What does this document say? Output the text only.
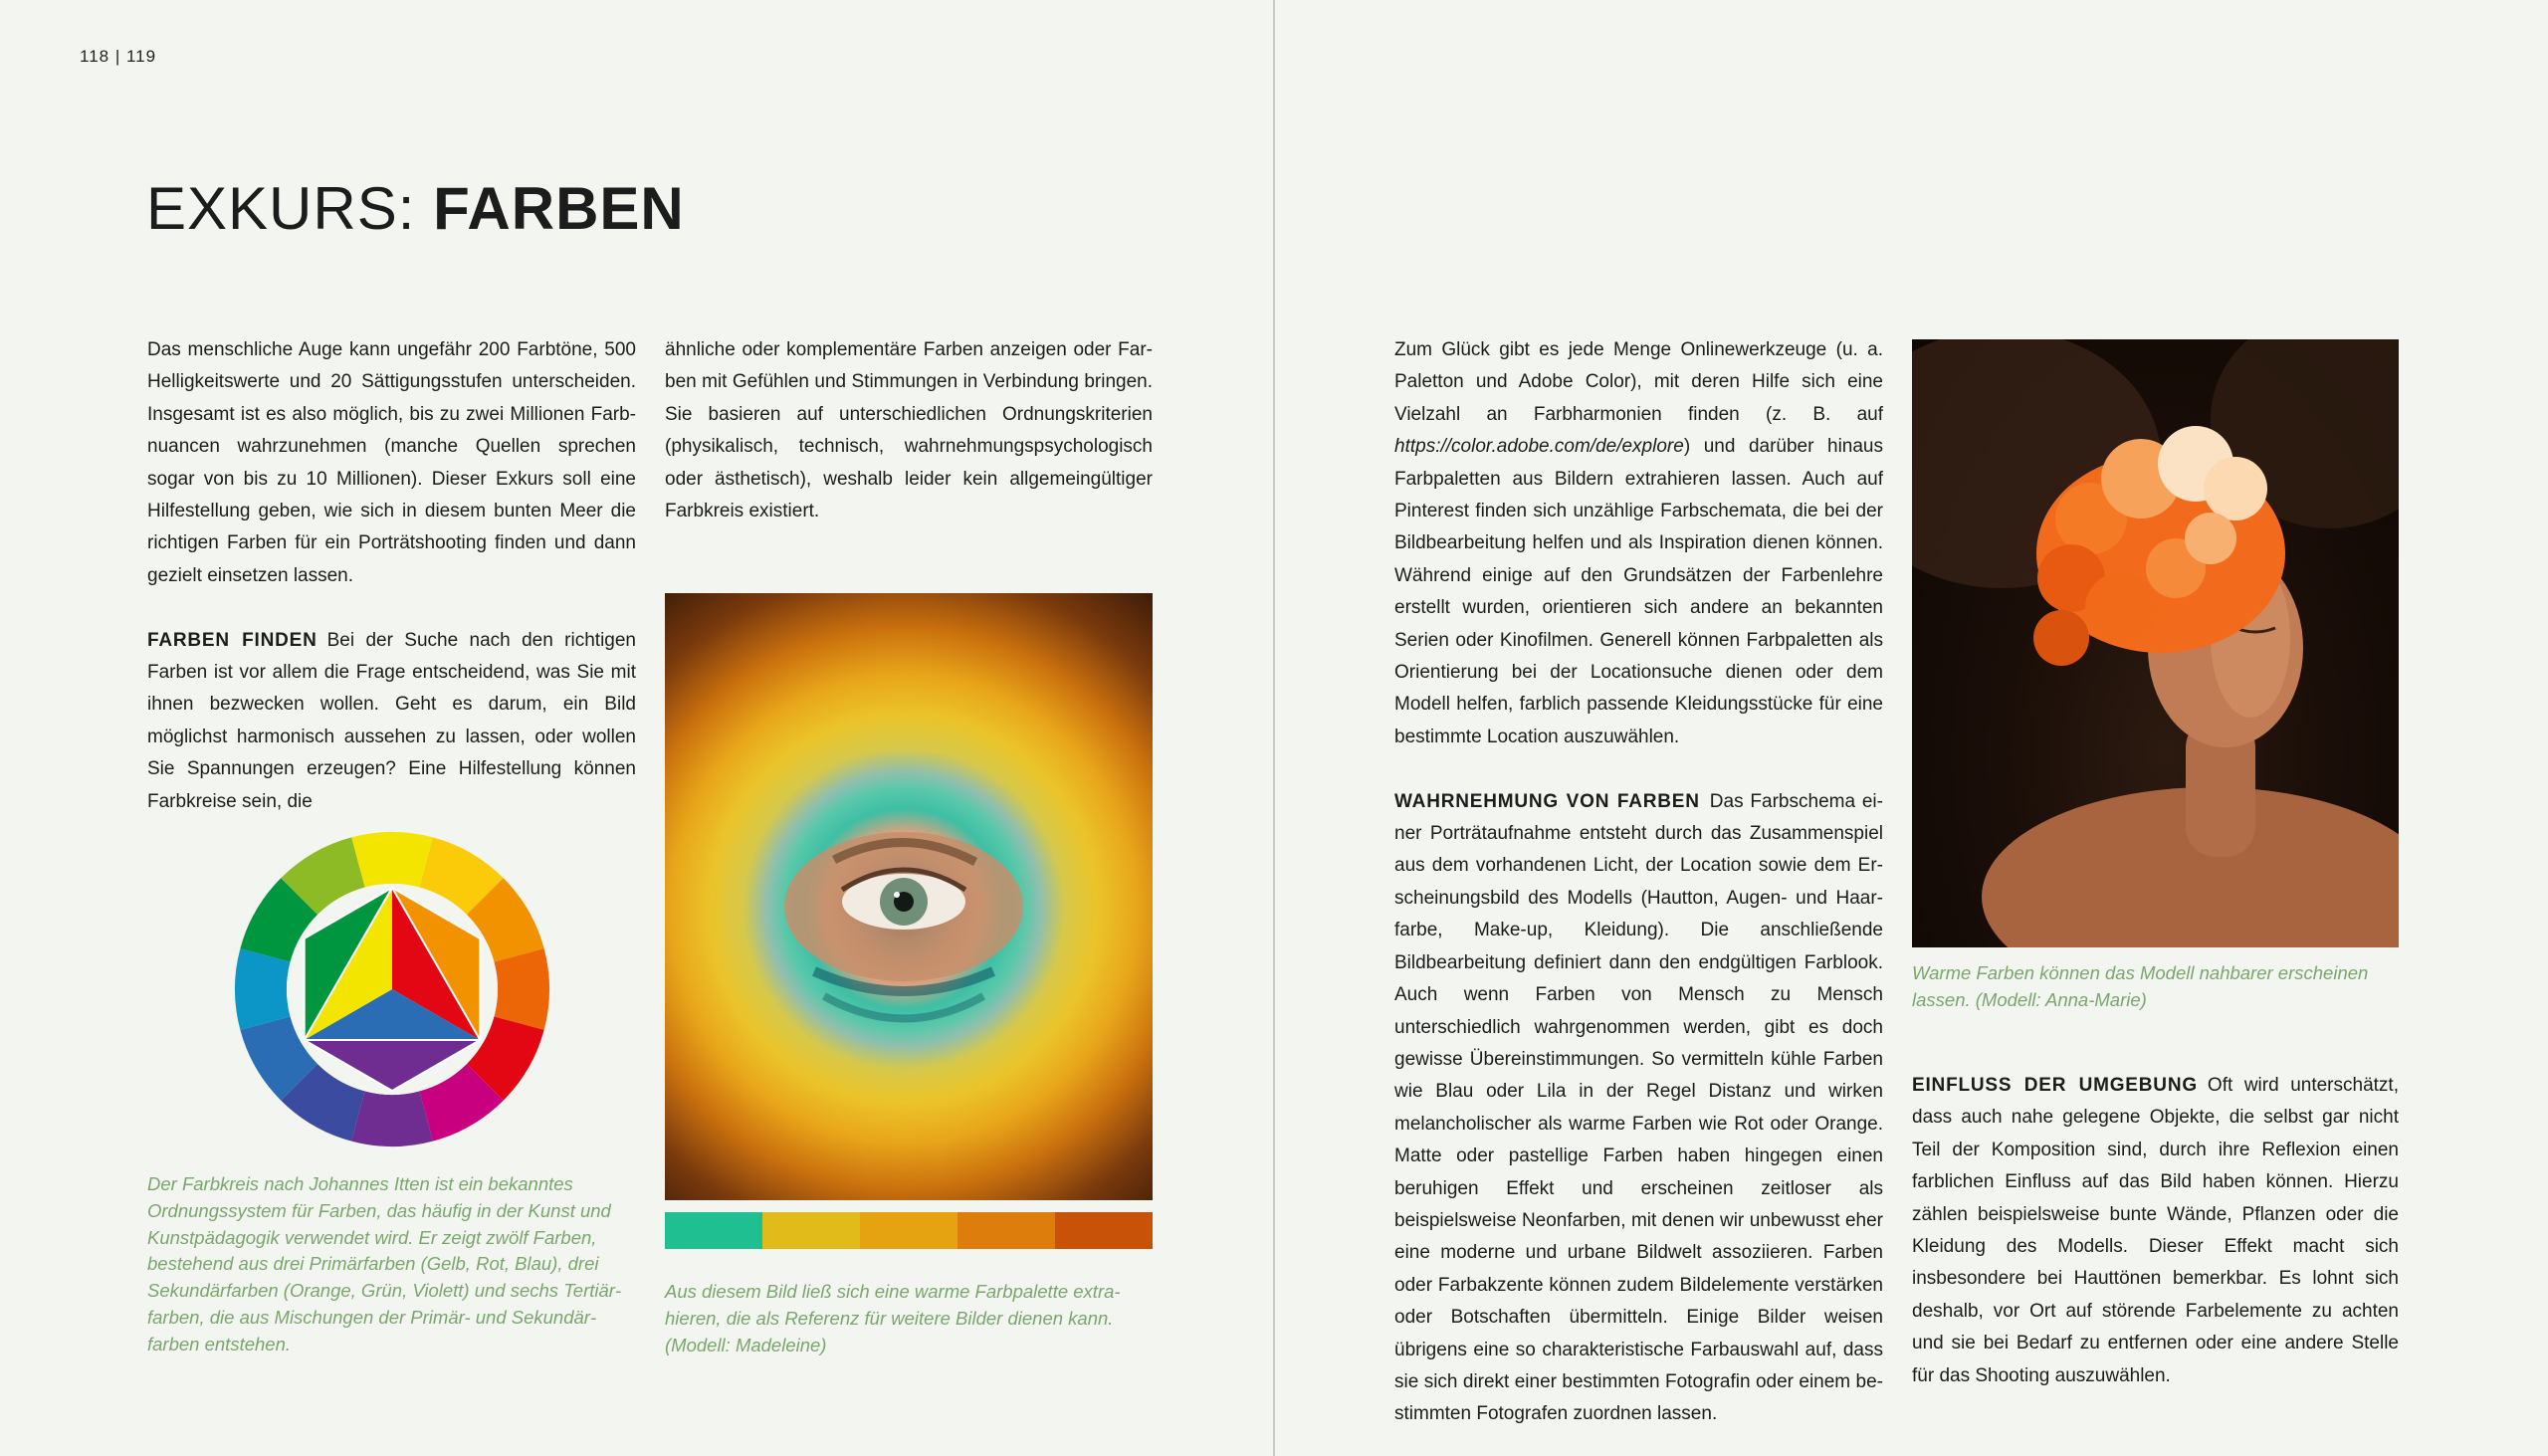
118 | 119
EXKURS: FARBEN

Das menschliche Auge kann ungefähr 200 Farbtöne, 500 Helligkeitswerte und 20 Sättigungsstufen unterscheiden. Insgesamt ist es also möglich, bis zu zwei Millionen Farbnuancen wahrzunehmen (manche Quellen sprechen sogar von bis zu 10 Millionen). Dieser Exkurs soll eine Hilfestellung geben, wie sich in diesem bunten Meer die richtigen Farben für ein Porträtshooting finden und dann gezielt einsetzen lassen.

FARBEN FINDEN Bei der Suche nach den richtigen Farben ist vor allem die Frage entscheidend, was Sie mit ihnen bezwecken wollen. Geht es darum, ein Bild möglichst harmonisch aussehen zu lassen, oder wollen Sie Spannungen erzeugen? Eine Hilfestellung können Farbkreise sein, die

ähnliche oder komplementäre Farben anzeigen oder Farben mit Gefühlen und Stimmungen in Verbindung bringen. Sie basieren auf unterschiedlichen Ordnungskriterien (physikalisch, technisch, wahrnehmungspsychologisch oder ästhetisch), weshalb leider kein allgemeingültiger Farbkreis existiert.

Der Farbkreis nach Johannes Itten ist ein bekanntes Ordnungssystem für Farben, das häufig in der Kunst und Kunstpädagogik verwendet wird. Er zeigt zwölf Farben, bestehend aus drei Primärfarben (Gelb, Rot, Blau), drei Sekundärfarben (Orange, Grün, Violett) und sechs Tertiärfarben, die aus Mischungen der Primär- und Sekundärfarben entstehen.

Aus diesem Bild ließ sich eine warme Farbpalette extrahieren, die als Referenz für weitere Bilder dienen kann. (Modell: Madeleine)

Zum Glück gibt es jede Menge Onlinewerkzeuge (u. a. Paletton und Adobe Color), mit deren Hilfe sich eine Vielzahl an Farbharmonien finden (z. B. auf https://color.adobe.com/de/explore) und darüber hinaus Farbpaletten aus Bildern extrahieren lassen. Auch auf Pinterest finden sich unzählige Farbschemata, die bei der Bildbearbeitung helfen und als Inspiration dienen können. Während einige auf den Grundsätzen der Farbenlehre erstellt wurden, orientieren sich andere an bekannten Serien oder Kinofilmen. Generell können Farbpaletten als Orientierung bei der Locationsuche dienen oder dem Modell helfen, farblich passende Kleidungsstücke für eine bestimmte Location auszuwählen.

WAHRNEHMUNG VON FARBEN Das Farbschema einer Porträtaufnahme entsteht durch das Zusammenspiel aus dem vorhandenen Licht, der Location sowie dem Erscheinungsbild des Modells (Hautton, Augen- und Haarfarbe, Make-up, Kleidung). Die anschließende Bildbearbeitung definiert dann den endgültigen Farblook. Auch wenn Farben von Mensch zu Mensch unterschiedlich wahrgenommen werden, gibt es doch gewisse Übereinstimmungen. So vermitteln kühle Farben wie Blau oder Lila in der Regel Distanz und wirken melancholischer als warme Farben wie Rot oder Orange. Matte oder pastellige Farben haben hingegen einen beruhigen Effekt und erscheinen zeitloser als beispielsweise Neonfarben, mit denen wir unbewusst eher eine moderne und urbane Bildwelt assoziieren. Farben oder Farbakzente können zudem Bildelemente verstärken oder Botschaften übermitteln. Einige Bilder weisen übrigens eine so charakteristische Farbauswahl auf, dass sie sich direkt einer bestimmten Fotografin oder einem bestimmten Fotografen zuordnen lassen.

Warme Farben können das Modell nahbarer erscheinen lassen. (Modell: Anna-Marie)

EINFLUSS DER UMGEBUNG Oft wird unterschätzt, dass auch nahe gelegene Objekte, die selbst gar nicht Teil der Komposition sind, durch ihre Reflexion einen farblichen Einfluss auf das Bild haben können. Hierzu zählen beispielsweise bunte Wände, Pflanzen oder die Kleidung des Modells. Dieser Effekt macht sich insbesondere bei Hauttönen bemerkbar. Es lohnt sich deshalb, vor Ort auf störende Farbelemente zu achten und sie bei Bedarf zu entfernen oder eine andere Stelle für das Shooting auszuwählen.
